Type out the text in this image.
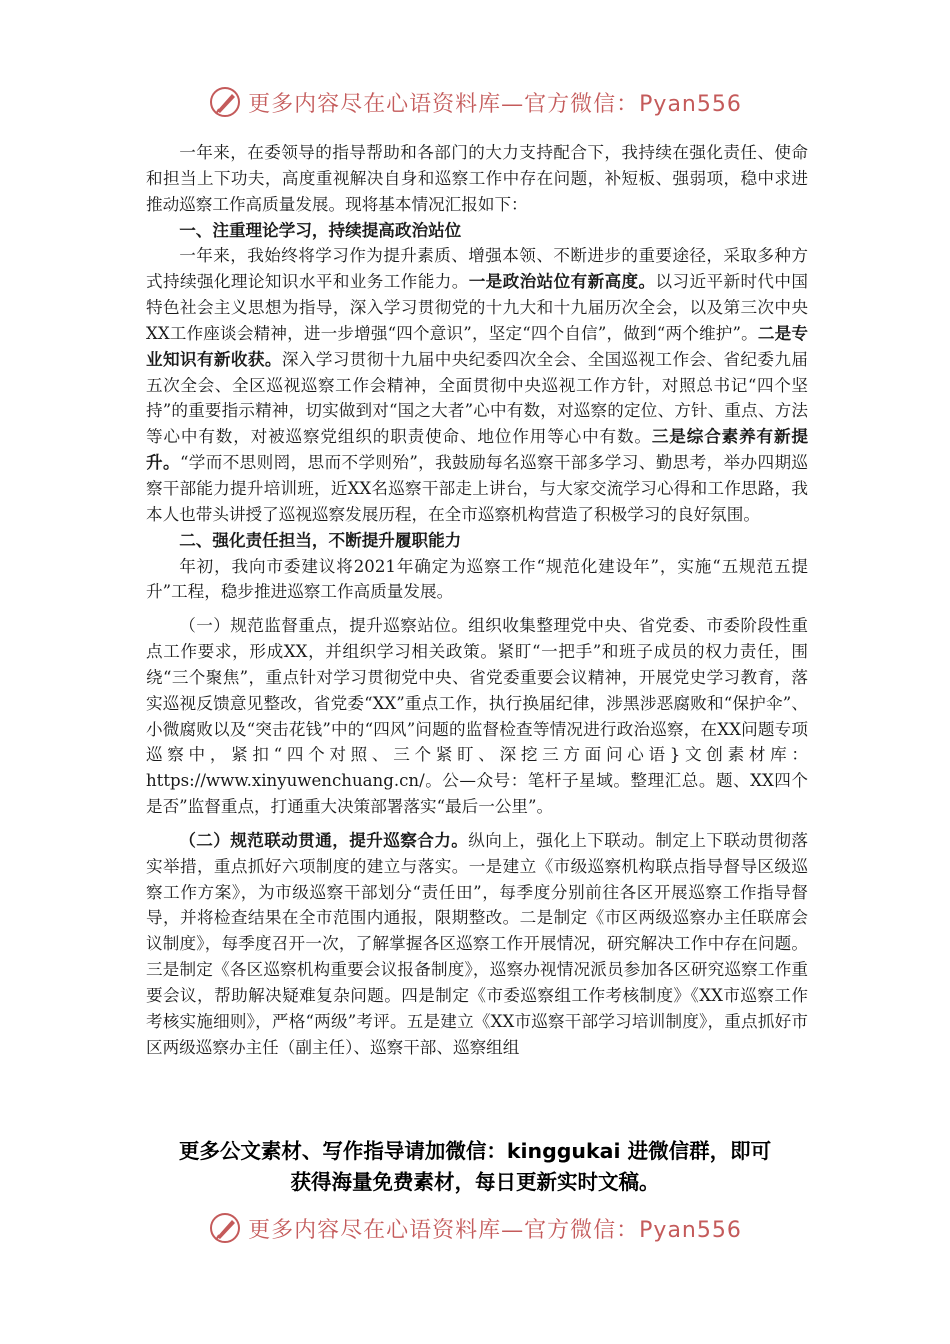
更多内容尽在心语资料库—官方微信：Pyan556

一年来，在委领导的指导帮助和各部门的大力支持配合下，我持续在强化责任、使命和担当上下功夫，高度重视解决自身和巡察工作中存在问题，补短板、强弱项，稳中求进推动巡察工作高质量发展。现将基本情况汇报如下：

一、注重理论学习，持续提高政治站位

一年来，我始终将学习作为提升素质、增强本领、不断进步的重要途径，采取多种方式持续强化理论知识水平和业务工作能力。一是政治站位有新高度。以习近平新时代中国特色社会主义思想为指导，深入学习贯彻党的十九大和十九届历次全会，以及第三次中央XX工作座谈会精神，进一步增强“四个意识”，坚定“四个自信”，做到“两个维护”。二是专业知识有新收获。深入学习贯彻十九届中央纪委四次全会、全国巡视工作会、省纪委九届五次全会、全区巡视巡察工作会精神，全面贯彻中央巡视工作方针，对照总书记“四个坚持”的重要指示精神，切实做到对“国之大者”心中有数，对巡察的定位、方针、重点、方法等心中有数，对被巡察党组织的职责使命、地位作用等心中有数。三是综合素养有新提升。“学而不思则罔，思而不学则殆”，我鼓励每名巡察干部多学习、勤思考，举办四期巡察干部能力提升培训班，近XX名巡察干部走上讲台，与大家交流学习心得和工作思路，我本人也带头讲授了巡视巡察发展历程，在全市巡察机构营造了积极学习的良好氛围。

二、强化责任担当，不断提升履职能力

年初，我向市委建议将2021年确定为巡察工作“规范化建设年”，实施“五规范五提升”工程，稳步推进巡察工作高质量发展。

（一）规范监督重点，提升巡察站位。组织收集整理党中央、省党委、市委阶段性重点工作要求，形成XX，并组织学习相关政策。紧盯“一把手”和班子成员的权力责任，围绕“三个聚焦”，重点针对学习贯彻党中央、省党委重要会议精神，开展党史学习教育，落实巡视反馈意见整改，省党委“XX”重点工作，执行换届纪律，涉黑涉恶腐败和“保护伞”、小微腐败以及“突击花钱”中的“四风”问题的监督检查等情况进行政治巡察，在XX问题专项巡察中，紧扣“四个对照、三个紧盯、深挖三方面问心语}文创素材库：https://www.xinyuwenchuang.cn/。公—众号：笔杆子星域。整理汇总。题、XX四个是否”监督重点，打通重大决策部署落实“最后一公里”。

（二）规范联动贯通，提升巡察合力。纵向上，强化上下联动。制定上下联动贯彻落实举措，重点抓好六项制度的建立与落实。一是建立《市级巡察机构联点指导督导区级巡察工作方案》，为市级巡察干部划分“责任田”，每季度分别前往各区开展巡察工作指导督导，并将检查结果在全市范围内通报，限期整改。二是制定《市区两级巡察办主任联席会议制度》，每季度召开一次，了解掌握各区巡察工作开展情况，研究解决工作中存在问题。三是制定《各区巡察机构重要会议报备制度》，巡察办视情况派员参加各区研究巡察工作重要会议，帮助解决疑难复杂问题。四是制定《市委巡察组工作考核制度》《XX市巡察工作考核实施细则》，严格“两级”考评。五是建立《XX市巡察干部学习培训制度》，重点抓好市区两级巡察办主任（副主任）、巡察干部、巡察组组

更多公文素材、写作指导请加微信：kinggukai 进微信群，即可
获得海量免费素材，每日更新实时文稿。
更多内容尽在心语资料库—官方微信：Pyan556
